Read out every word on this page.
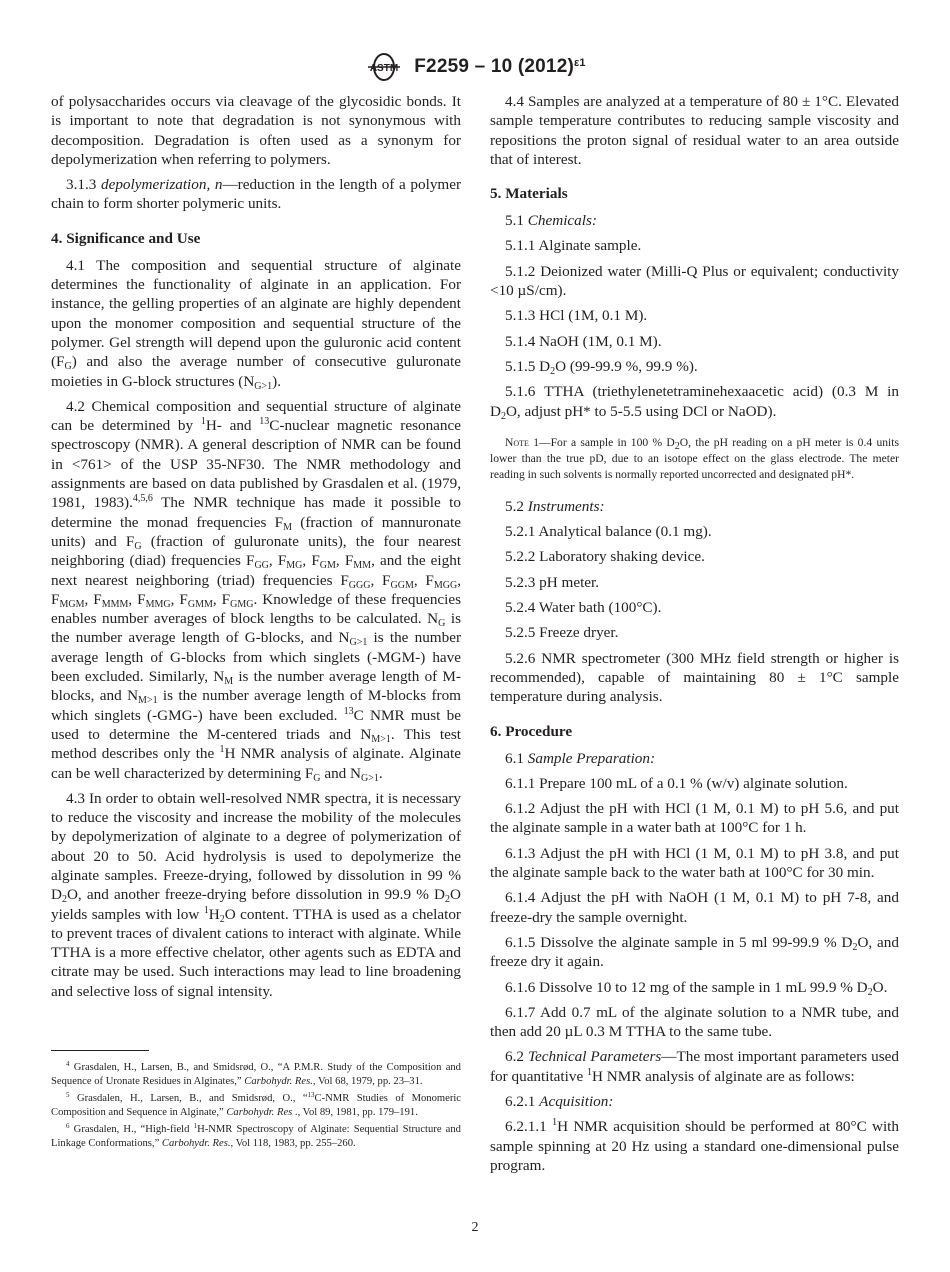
ASTM F2259 – 10 $(2012)^{\varepsilon 1}$

of polysaccharides occurs via cleavage of the glycosidic bonds. It is important to note that degradation is not synonymous with decomposition. Degradation is often used as a synonym for depolymerization when referring to polymers.

3.1.3 depolymerization, n—reduction in the length of a polymer chain to form shorter polymeric units.

4. Significance and Use

4.1 The composition and sequential structure of alginate determines the functionality of alginate in an application. For instance, the gelling properties of an alginate are highly dependent upon the monomer composition and sequential structure of the polymer. Gel strength will depend upon the guluronic acid content $(F_G)$ and also the average number of consecutive guluronate moieties in G-block structures $(N_{G>1})$.

4.2 Chemical composition and sequential structure of alginate can be determined by $^1$H- and $^{13}$C-nuclear magnetic resonance spectroscopy (NMR). A general description of NMR can be found in <761> of the USP 35-NF30. The NMR methodology and assignments are based on data published by Grasdalen et al. (1979, 1981, 1983).$^{4,5,6}$ The NMR technique has made it possible to determine the monad frequencies $F_M$ (fraction of mannuronate units) and $F_G$ (fraction of guluronate units), the four nearest neighboring (diad) frequencies $F_{GG}$, $F_{MG}$, $F_{GM}$, $F_{MM}$, and the eight next nearest neighboring (triad) frequencies $F_{GGG}$, $F_{GGM}$, $F_{MGG}$, $F_{MGM}$, $F_{MMM}$, $F_{MMG}$, $F_{GMM}$, $F_{GMG}$. Knowledge of these frequencies enables number averages of block lengths to be calculated. $N_G$ is the number average length of G-blocks, and $N_{G>1}$ is the number average length of G-blocks from which singlets (-MGM-) have been excluded. Similarly, $N_M$ is the number average length of M-blocks, and $N_{M>1}$ is the number average length of M-blocks from which singlets (-GMG-) have been excluded. $^{13}$C NMR must be used to determine the M-centered triads and $N_{M>1}$. This test method describes only the $^1$H NMR analysis of alginate. Alginate can be well characterized by determining $F_G$ and $N_{G>1}$.

4.3 In order to obtain well-resolved NMR spectra, it is necessary to reduce the viscosity and increase the mobility of the molecules by depolymerization of alginate to a degree of polymerization of about 20 to 50. Acid hydrolysis is used to depolymerize the alginate samples. Freeze-drying, followed by dissolution in 99 % $D_2O$, and another freeze-drying before dissolution in 99.9 % $D_2O$ yields samples with low $^1H_2O$ content. TTHA is used as a chelator to prevent traces of divalent cations to interact with alginate. While TTHA is a more effective chelator, other agents such as EDTA and citrate may be used. Such interactions may lead to line broadening and selective loss of signal intensity.

$^4$ Grasdalen, H., Larsen, B., and Smidsrød, O., “A P.M.R. Study of the Composition and Sequence of Uronate Residues in Alginates,” Carbohydr. Res., Vol 68, 1979, pp. 23–31.

$^5$ Grasdalen, H., Larsen, B., and Smidsrød, O., “$^{13}$C-NMR Studies of Monomeric Composition and Sequence in Alginate,” Carbohydr. Res ., Vol 89, 1981, pp. 179–191.

$^6$ Grasdalen, H., “High-field $^1$H-NMR Spectroscopy of Alginate: Sequential Structure and Linkage Conformations,” Carbohydr. Res., Vol 118, 1983, pp. 255–260.

4.4 Samples are analyzed at a temperature of 80 ± 1°C. Elevated sample temperature contributes to reducing sample viscosity and repositions the proton signal of residual water to an area outside that of interest.

5. Materials

5.1 Chemicals:

5.1.1 Alginate sample.

5.1.2 Deionized water (Milli-Q Plus or equivalent; conductivity <10 µS/cm).

5.1.3 HCl (1M, 0.1 M).

5.1.4 NaOH (1M, 0.1 M).

5.1.5 $D_2O$ (99-99.9 %, 99.9 %).

5.1.6 TTHA (triethylenetetraminehexaacetic acid) (0.3 M in $D_2O$, adjust pH* to 5-5.5 using DCl or NaOD).

Note 1—For a sample in 100 % $D_2O$, the pH reading on a pH meter is 0.4 units lower than the true pD, due to an isotope effect on the glass electrode. The meter reading in such solvents is normally reported uncorrected and designated pH*.

5.2 Instruments:

5.2.1 Analytical balance (0.1 mg).

5.2.2 Laboratory shaking device.

5.2.3 pH meter.

5.2.4 Water bath (100°C).

5.2.5 Freeze dryer.

5.2.6 NMR spectrometer (300 MHz field strength or higher is recommended), capable of maintaining 80 ± 1°C sample temperature during analysis.

6. Procedure

6.1 Sample Preparation:

6.1.1 Prepare 100 mL of a 0.1 % (w/v) alginate solution.

6.1.2 Adjust the pH with HCl (1 M, 0.1 M) to pH 5.6, and put the alginate sample in a water bath at 100°C for 1 h.

6.1.3 Adjust the pH with HCl (1 M, 0.1 M) to pH 3.8, and put the alginate sample back to the water bath at 100°C for 30 min.

6.1.4 Adjust the pH with NaOH (1 M, 0.1 M) to pH 7-8, and freeze-dry the sample overnight.

6.1.5 Dissolve the alginate sample in 5 ml 99-99.9 % $D_2O$, and freeze dry it again.

6.1.6 Dissolve 10 to 12 mg of the sample in 1 mL 99.9 % $D_2O$.

6.1.7 Add 0.7 mL of the alginate solution to a NMR tube, and then add 20 µL 0.3 M TTHA to the same tube.

6.2 Technical Parameters—The most important parameters used for quantitative $^1$H NMR analysis of alginate are as follows:

6.2.1 Acquisition:

6.2.1.1 $^1$H NMR acquisition should be performed at 80°C with sample spinning at 20 Hz using a standard one-dimensional pulse program.

2
